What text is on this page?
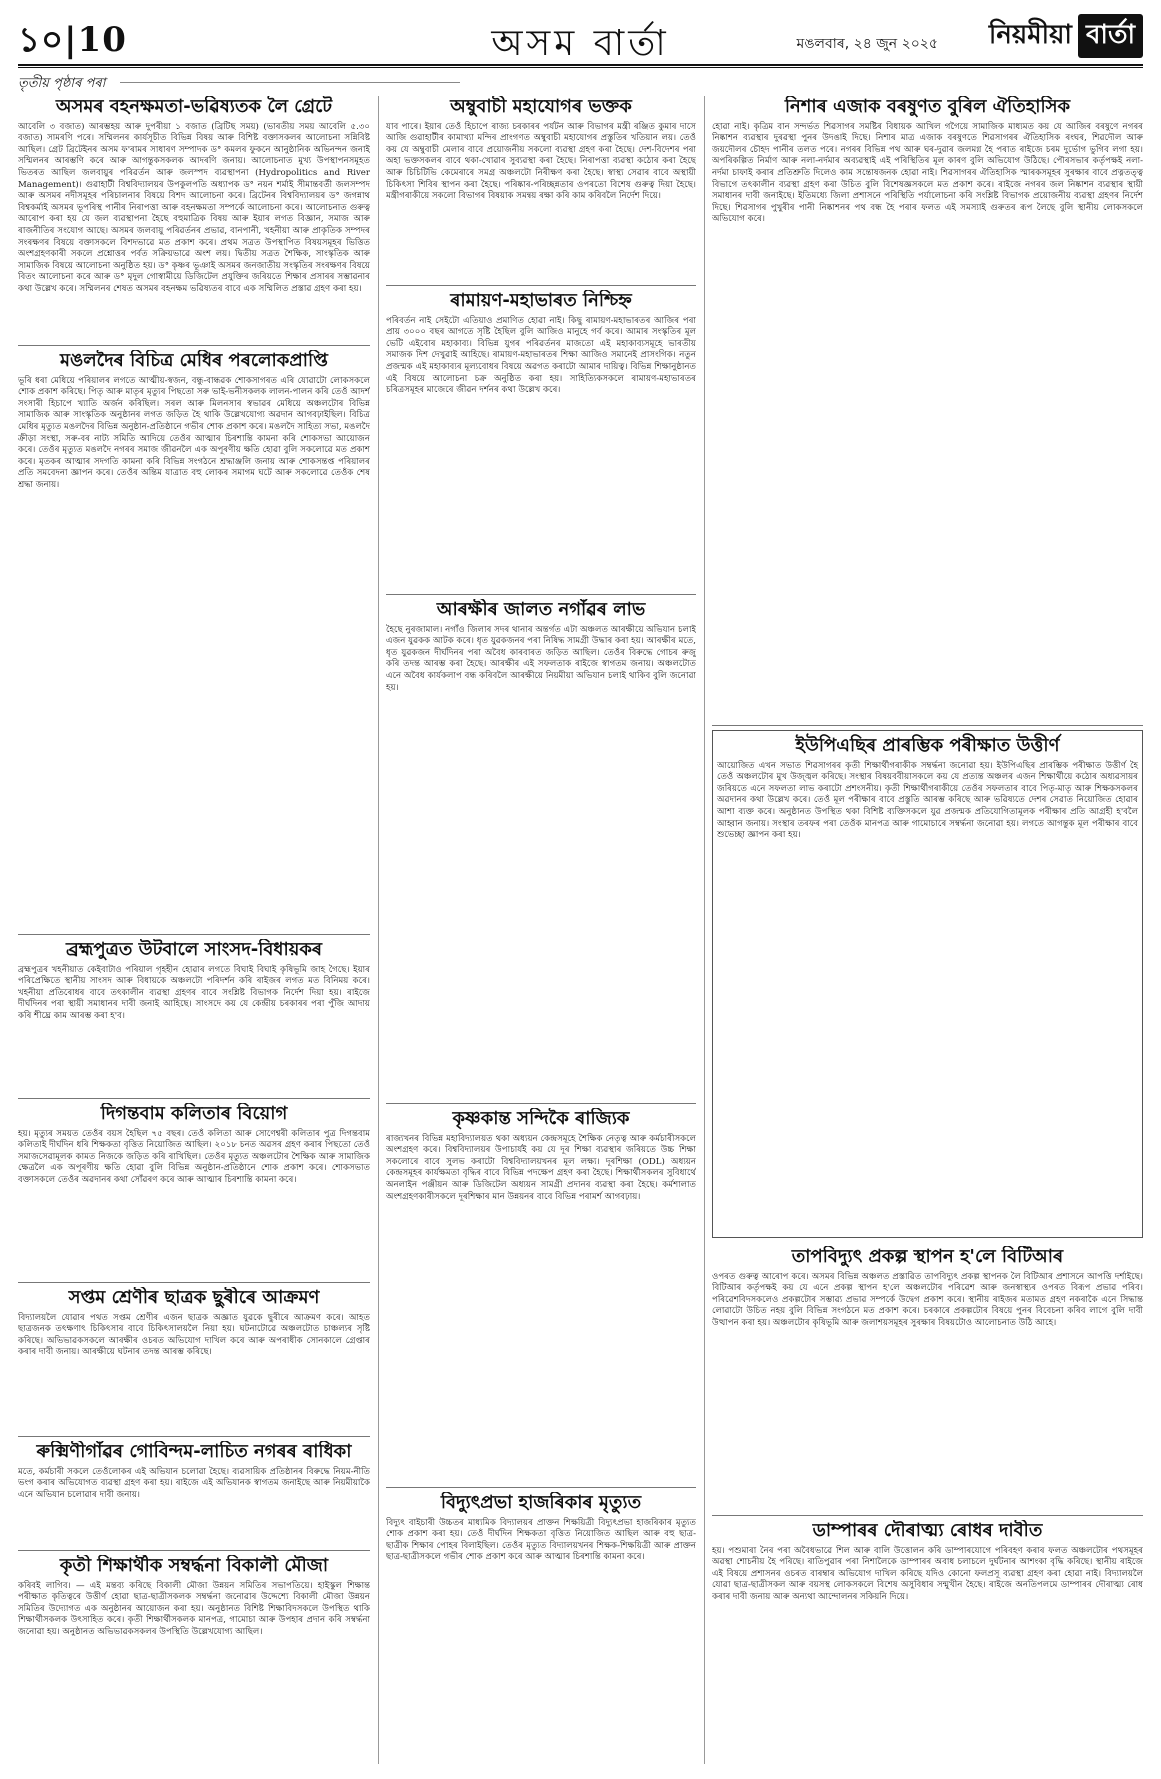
১০|10	অসম বাৰ্তা	মঙলবাৰ, ২৪ জুন ২০২৫ নিয়মীয়া বাৰ্তা
তৃতীয় পৃষ্ঠাৰ পৰা
অসমৰ বহনক্ষমতা-ভৱিষ্যতক লৈ গ্ৰেটে

আবেলি ৩ বজাত) আৰম্ভহয় আৰু দুপৰীয়া ১ বজাত (ব্ৰিটিছ সময়) (ভাৰতীয় সময় আবেলি ৫.৩০ বজাত) সামৰণি পৰে। সম্মিলনৰ কাৰ্যসূচীত বিভিন্ন বিষয় আৰু বিশিষ্ট বক্তাসকলৰ আলোচনা সন্নিবিষ্ট আছিল। গ্ৰেট ব্ৰিটেইনৰ অসম ফ'ৰামৰ সাধাৰণ সম্পাদক ড° কমলৰ ফুকনে আনুষ্ঠানিক অভিনন্দন জনাই সম্মিলনৰ আৰম্ভণি কৰে আৰু আগন্তুকসকলক আদৰণি জনায়। আলোচনাত মুখ্য উপস্থাপনসমূহত ভিতৰত আছিল জলবায়ুৰ পৰিৱৰ্তন আৰু জলস্পদ ব্যৱস্থাপনা (Hydropolitics and River Management)। গুৱাহাটী বিশ্ববিদ্যালয়ৰ উপকুলপতি অধ্যাপক ড° নয়ন শৰ্মাই সীমান্তবৰ্তী জলসম্পদ আৰু অসমৰ নদীসমূহৰ পৰিচালনাৰ বিষয়ে বিশদ আলোচনা কৰে। ব্ৰিটেনৰ বিশ্ববিদ্যালয়ৰ ড° জগন্নাথ বিশ্বকৰ্মাই অসমৰ ভূপৰিস্থ পানীৰ নিৰাপত্তা আৰু বহনক্ষমতা সম্পৰ্কে আলোচনা কৰে। আলোচনাত গুৰুত্ব আৰোপ কৰা হয় যে জল ব্যৱস্থাপনা হৈছে বহুমাত্ৰিক বিষয় আৰু ইয়াৰ লগত বিজ্ঞান, সমাজ আৰু ৰাজনীতিৰ সংযোগ আছে। অসমৰ জলবায়ু পৰিৱৰ্তনৰ প্ৰভাৱ, বানপানী, খহনীয়া আৰু প্ৰাকৃতিক সম্পদৰ সংৰক্ষণৰ বিষয়ে বক্তাসকলে বিশদভাৱে মত প্ৰকাশ কৰে। প্ৰথম সত্ৰত উপস্থাপিত বিষয়সমূহৰ ভিত্তিত অংশগ্ৰহণকাৰী সকলে প্ৰশ্নোত্তৰ পৰ্বত সক্ৰিয়ভাৱে অংশ লয়। দ্বিতীয় সত্ৰত শৈক্ষিক, সাংস্কৃতিক আৰু সামাজিক বিষয়ে আলোচনা অনুষ্ঠিত হয়। ড° কৃষ্ণৰ ভূঞাই অসমৰ জনজাতীয় সংস্কৃতিৰ সংৰক্ষণৰ বিষয়ে বিতং আলোচনা কৰে আৰু ড° মৃদুল গোস্বামীয়ে ডিজিটেল প্ৰযুক্তিৰ জৰিয়তে শিক্ষাৰ প্ৰসাৰৰ সম্ভাৱনাৰ কথা উল্লেখ কৰে। সম্মিলনৰ শেষত অসমৰ বহনক্ষম ভৱিষ্যতৰ বাবে এক সম্মিলিত প্ৰস্তাৱ গ্ৰহণ কৰা হয়।

মঙলদৈৰ বিচিত্ৰ মেধিৰ পৰলোকপ্ৰাপ্তি

ভূৰি ধৰা মেধিয়ে পৰিয়ালৰ লগতে আত্মীয়-স্বজন, বন্ধু-বান্ধৱক শোকসাগৰত এৰি যোৱাটো লোকসকলে শোক প্ৰকাশ কৰিছে। পিতৃ আৰু মাতৃৰ মৃত্যুৰ পিছতো সৰু ভাই-ভনীসকলক লালন-পালন কৰি তেওঁ আদৰ্শ সংসাৰী হিচাপে খ্যাতি অৰ্জন কৰিছিল। সৰল আৰু মিলনসাৰ স্বভাৱৰ মেধিয়ে অঞ্চলটোৰ বিভিন্ন সামাজিক আৰু সাংস্কৃতিক অনুষ্ঠানৰ লগত জড়িত হৈ থাকি উল্লেখযোগ্য অৱদান আগবঢ়াইছিল। বিচিত্ৰ মেধিৰ মৃত্যুত মঙলদৈৰ বিভিন্ন অনুষ্ঠান-প্ৰতিষ্ঠানে গভীৰ শোক প্ৰকাশ কৰে। মঙলদৈ সাহিত্য সভা, মঙলদৈ ক্ৰীড়া সংস্থা, সৰু-বৰ নাট্য সমিতি আদিয়ে তেওঁৰ আত্মাৰ চিৰশান্তি কামনা কৰি শোকসভা আয়োজন কৰে। তেওঁৰ মৃত্যুত মঙলদৈ নগৰৰ সমাজ জীৱনলৈ এক অপূৰণীয় ক্ষতি হোৱা বুলি সকলোৱে মত প্ৰকাশ কৰে। মৃতকৰ আত্মাৰ সদগতি কামনা কৰি বিভিন্ন সংগঠনে শ্ৰদ্ধাঞ্জলি জনায় আৰু শোকসন্তপ্ত পৰিয়ালৰ প্ৰতি সমবেদনা জ্ঞাপন কৰে। তেওঁৰ অন্তিম যাত্ৰাত বহু লোকৰ সমাগম ঘটে আৰু সকলোৱে তেওঁক শেষ শ্ৰদ্ধা জনায়।

ব্ৰহ্মপুত্ৰত উটবালে সাংসদ-বিধায়কৰ

ব্ৰহ্মপুত্ৰৰ খহনীয়াত কেইবাটাও পৰিয়াল গৃহহীন হোৱাৰ লগতে বিঘাই বিঘাই কৃষিভূমি জাহ গৈছে। ইয়াৰ পৰিপ্ৰেক্ষিতে স্থানীয় সাংসদ আৰু বিধায়কে অঞ্চলটো পৰিদৰ্শন কৰি ৰাইজৰ লগত মত বিনিময় কৰে। খহনীয়া প্ৰতিৰোধৰ বাবে তৎকালীন ব্যৱস্থা গ্ৰহণৰ বাবে সংশ্লিষ্ট বিভাগক নিৰ্দেশ দিয়া হয়। ৰাইজে দীৰ্ঘদিনৰ পৰা স্থায়ী সমাধানৰ দাবী জনাই আহিছে। সাংসদে কয় যে কেন্দ্ৰীয় চৰকাৰৰ পৰা পুঁজি আদায় কৰি শীঘ্ৰে কাম আৰম্ভ কৰা হ'ব।

দিগন্তবাম কলিতাৰ বিয়োগ

হয়। মৃত্যুৰ সময়ত তেওঁৰ বয়স হৈছিল ৭৫ বছৰ। তেওঁ কলিতা আৰু সোণেশ্বৰী কলিতাৰ পুত্ৰ দিগন্তবাম কলিতাই দীৰ্ঘদিন ধৰি শিক্ষকতা বৃত্তিত নিয়োজিত আছিল। ২০১৮ চনত অৱসৰ গ্ৰহণ কৰাৰ পিছতো তেওঁ সমাজসেৱামূলক কামত নিজকে জড়িত কৰি ৰাখিছিল। তেওঁৰ মৃত্যুত অঞ্চলটোৰ শৈক্ষিক আৰু সামাজিক ক্ষেত্ৰলৈ এক অপূৰণীয় ক্ষতি হোৱা বুলি বিভিন্ন অনুষ্ঠান-প্ৰতিষ্ঠানে শোক প্ৰকাশ কৰে। শোকসভাত বক্তাসকলে তেওঁৰ অৱদানৰ কথা সোঁৱৰণ কৰে আৰু আত্মাৰ চিৰশান্তি কামনা কৰে।

সপ্তম শ্ৰেণীৰ ছাত্ৰক ছুৰীৰে আক্ৰমণ

বিদ্যালয়লৈ যোৱাৰ পথত সপ্তম শ্ৰেণীৰ এজন ছাত্ৰক অজ্ঞাত যুৱকে ছুৰীৰে আক্ৰমণ কৰে। আহত ছাত্ৰজনক তৎক্ষণাৎ চিকিৎসাৰ বাবে চিকিৎসালয়লৈ নিয়া হয়। ঘটনাটোৱে অঞ্চলটোত চাঞ্চল্যৰ সৃষ্টি কৰিছে। অভিভাৱকসকলে আৰক্ষীৰ ওচৰত অভিযোগ দাখিল কৰে আৰু অপৰাধীক সোনকালে গ্ৰেপ্তাৰ কৰাৰ দাবী জনায়। আৰক্ষীয়ে ঘটনাৰ তদন্ত আৰম্ভ কৰিছে।

ৰুক্মিণীগাঁৱৰ গোবিন্দম-লাচিত নগৰৰ ৰাধিকা

মতে, কৰ্মচাৰী সকলে তেওঁলোকৰ এই অভিযান চলোৱা হৈছে। ব্যৱসায়িক প্ৰতিষ্ঠানৰ বিৰুদ্ধে নিয়ম-নীতি ভংগ কৰাৰ অভিযোগত ব্যৱস্থা গ্ৰহণ কৰা হয়। ৰাইজে এই অভিযানক স্বাগতম জনাইছে আৰু নিয়মীয়াকৈ এনে অভিযান চলোৱাৰ দাবী জনায়।

কৃতী শিক্ষাৰ্থীক সম্বৰ্দ্ধনা বিকালী মৌজা

কৰিবই লাগিব। — এই মন্তব্য কৰিছে বিকালী মৌজা উন্নয়ন সমিতিৰ সভাপতিয়ে। হাইস্কুল শিক্ষান্ত পৰীক্ষাত কৃতিত্বৰে উত্তীৰ্ণ হোৱা ছাত্ৰ-ছাত্ৰীসকলক সম্বৰ্দ্ধনা জনোৱাৰ উদ্দেশ্যে বিকালী মৌজা উন্নয়ন সমিতিৰ উদ্যোগত এক অনুষ্ঠানৰ আয়োজন কৰা হয়। অনুষ্ঠানত বিশিষ্ট শিক্ষাবিদসকলে উপস্থিত থাকি শিক্ষাৰ্থীসকলক উৎসাহিত কৰে। কৃতী শিক্ষাৰ্থীসকলক মানপত্ৰ, গামোচা আৰু উপহাৰ প্ৰদান কৰি সম্বৰ্দ্ধনা জনোৱা হয়। অনুষ্ঠানত অভিভাৱকসকলৰ উপস্থিতি উল্লেখযোগ্য আছিল।

অম্বুবাচী মহাযোগৰ ভক্তক

যাব পাৰে। ইয়াৰ তেওঁ হিচাপে ৰাজ্য চৰকাৰৰ পৰ্যটন আৰু বিভাগৰ মন্ত্ৰী ৰঞ্জিত কুমাৰ দাসে আজি গুৱাহাটীৰ কামাখ্যা মন্দিৰ প্ৰাংগণত অম্বুবাচী মহাযোগৰ প্ৰস্তুতিৰ খতিয়ান লয়। তেওঁ কয় যে অম্বুবাচী মেলাৰ বাবে প্ৰয়োজনীয় সকলো ব্যৱস্থা গ্ৰহণ কৰা হৈছে। দেশ-বিদেশৰ পৰা অহা ভক্তসকলৰ বাবে থকা-খোৱাৰ সুব্যৱস্থা কৰা হৈছে। নিৰাপত্তা ব্যৱস্থা কঠোৰ কৰা হৈছে আৰু চিচিটিভি কেমেৰাৰে সমগ্ৰ অঞ্চলটো নিৰীক্ষণ কৰা হৈছে। স্বাস্থ্য সেৱাৰ বাবে অস্থায়ী চিকিৎসা শিবিৰ স্থাপন কৰা হৈছে। পৰিষ্কাৰ-পৰিচ্ছন্নতাৰ ওপৰতো বিশেষ গুৰুত্ব দিয়া হৈছে। মন্ত্ৰীগৰাকীয়ে সকলো বিভাগৰ বিষয়াক সমন্বয় ৰক্ষা কৰি কাম কৰিবলৈ নিৰ্দেশ দিয়ে।

ৰামায়ণ-মহাভাৰত নিশ্চিহ্ন

পৰিবৰ্তন নাই সেইটো এতিয়াও প্ৰমাণিত হোৱা নাই। কিছু ৰামায়ণ-মহাভাৰতৰ আজিৰ পৰা প্ৰায় ৩০০০ বছৰ আগতে সৃষ্টি হৈছিল বুলি আজিও মানুহে গৰ্ব কৰে। আমাৰ সংস্কৃতিৰ মূল ভেটি এইবোৰ মহাকাব্য। বিভিন্ন যুগৰ পৰিৱৰ্তনৰ মাজতো এই মহাকাব্যসমূহে ভাৰতীয় সমাজক দিশ দেখুৱাই আহিছে। ৰামায়ণ-মহাভাৰতৰ শিক্ষা আজিও সমানেই প্ৰাসংগিক। নতুন প্ৰজন্মক এই মহাকাব্যৰ মূল্যবোধৰ বিষয়ে অৱগত কৰাটো আমাৰ দায়িত্ব। বিভিন্ন শিক্ষানুষ্ঠানত এই বিষয়ে আলোচনা চক্ৰ অনুষ্ঠিত কৰা হয়। সাহিত্যিকসকলে ৰামায়ণ-মহাভাৰতৰ চৰিত্ৰসমূহৰ মাজেৰে জীৱন দৰ্শনৰ কথা উল্লেখ কৰে।

আৰক্ষীৰ জালত নগাঁৱৰ লাভ

হৈছে নুৰজামাল। নগাঁও জিলাৰ সদৰ থানাৰ অন্তৰ্গত এটা অঞ্চলত আৰক্ষীয়ে অভিযান চলাই এজন যুৱকক আটক কৰে। ধৃত যুৱকজনৰ পৰা নিষিদ্ধ সামগ্ৰী উদ্ধাৰ কৰা হয়। আৰক্ষীৰ মতে, ধৃত যুৱকজন দীৰ্ঘদিনৰ পৰা অবৈধ কাৰবাৰত জড়িত আছিল। তেওঁৰ বিৰুদ্ধে গোচৰ ৰুজু কৰি তদন্ত আৰম্ভ কৰা হৈছে। আৰক্ষীৰ এই সফলতাক ৰাইজে স্বাগতম জনায়। অঞ্চলটোত এনে অবৈধ কাৰ্যকলাপ বন্ধ কৰিবলৈ আৰক্ষীয়ে নিয়মীয়া অভিযান চলাই থাকিব বুলি জনোৱা হয়।

কৃষ্ণকান্ত সন্দিকৈ ৰাজ্যিক

ৰাজ্যখনৰ বিভিন্ন মহাবিদ্যালয়ত থকা অধ্যয়ন কেন্দ্ৰসমূহে শৈক্ষিক নেতৃত্ব আৰু কৰ্মচাৰীসকলে অংশগ্ৰহণ কৰে। বিশ্ববিদ্যালয়ৰ উপাচাৰ্যই কয় যে দূৰ শিক্ষা ব্যৱস্থাৰ জৰিয়তে উচ্চ শিক্ষা সকলোৰে বাবে সুলভ কৰাটো বিশ্ববিদ্যালয়খনৰ মূল লক্ষ্য। দূৰশিক্ষা (ODL) অধ্যয়ন কেন্দ্ৰসমূহৰ কাৰ্যক্ষমতা বৃদ্ধিৰ বাবে বিভিন্ন পদক্ষেপ গ্ৰহণ কৰা হৈছে। শিক্ষাৰ্থীসকলৰ সুবিধাৰ্থে অনলাইন পঞ্জীয়ন আৰু ডিজিটেল অধ্যয়ন সামগ্ৰী প্ৰদানৰ ব্যৱস্থা কৰা হৈছে। কৰ্মশালাত অংশগ্ৰহণকাৰীসকলে দূৰশিক্ষাৰ মান উন্নয়নৰ বাবে বিভিন্ন পৰামৰ্শ আগবঢ়ায়।

বিদ্যুৎপ্ৰভা হাজৰিকাৰ মৃত্যুত

বিদ্যুৎ বাইচাৰী উচ্চতৰ মাধ্যমিক বিদ্যালয়ৰ প্ৰাক্তন শিক্ষয়িত্ৰী বিদ্যুৎপ্ৰভা হাজৰিকাৰ মৃত্যুত শোক প্ৰকাশ কৰা হয়। তেওঁ দীৰ্ঘদিন শিক্ষকতা বৃত্তিত নিয়োজিত আছিল আৰু বহু ছাত্ৰ-ছাত্ৰীক শিক্ষাৰ পোহৰ বিলাইছিল। তেওঁৰ মৃত্যুত বিদ্যালয়খনৰ শিক্ষক-শিক্ষয়িত্ৰী আৰু প্ৰাক্তন ছাত্ৰ-ছাত্ৰীসকলে গভীৰ শোক প্ৰকাশ কৰে আৰু আত্মাৰ চিৰশান্তি কামনা কৰে।

নিশাৰ এজাক বৰষুণত বুৰিল ঐতিহাসিক

হোৱা নাই। কৃত্ৰিম বান সন্দৰ্ভত শিৱসাগৰ সমষ্টিৰ বিধায়ক আখিল গগৈয়ে সামাজিক মাধ্যমত কয় যে আজিৰ বৰষুণে নগৰৰ নিষ্কাশন ব্যৱস্থাৰ দুৰৱস্থা পুনৰ উদঙাই দিছে। নিশাৰ মাত্ৰ এজাক বৰষুণতে শিৱসাগৰৰ ঐতিহাসিক ৰংঘৰ, শিৱদৌল আৰু জয়দৌলৰ চৌহদ পানীৰ তলত পৰে। নগৰৰ বিভিন্ন পথ আৰু ঘৰ-দুৱাৰ জলমগ্ন হৈ পৰাত ৰাইজে চৰম দুৰ্ভোগ ভুগিব লগা হয়। অপৰিকল্পিত নিৰ্মাণ আৰু নলা-নৰ্দমাৰ অব্যৱস্থাই এই পৰিস্থিতিৰ মূল কাৰণ বুলি অভিযোগ উঠিছে। পৌৰসভাৰ কৰ্তৃপক্ষই নলা-নৰ্দমা চাফাই কৰাৰ প্ৰতিশ্ৰুতি দিলেও কাম সন্তোষজনক হোৱা নাই। শিৱসাগৰৰ ঐতিহাসিক স্মাৰকসমূহৰ সুৰক্ষাৰ বাবে প্ৰত্নতত্ত্ব বিভাগে তৎকালীন ব্যৱস্থা গ্ৰহণ কৰা উচিত বুলি বিশেষজ্ঞসকলে মত প্ৰকাশ কৰে। ৰাইজে নগৰৰ জল নিষ্কাশন ব্যৱস্থাৰ স্থায়ী সমাধানৰ দাবী জনাইছে। ইতিমধ্যে জিলা প্ৰশাসনে পৰিস্থিতি পৰ্যালোচনা কৰি সংশ্লিষ্ট বিভাগক প্ৰয়োজনীয় ব্যৱস্থা গ্ৰহণৰ নিৰ্দেশ দিছে। শিৱসাগৰ পুখুৰীৰ পানী নিষ্কাশনৰ পথ বন্ধ হৈ পৰাৰ ফলত এই সমস্যাই গুৰুতৰ ৰূপ লৈছে বুলি স্থানীয় লোকসকলে অভিযোগ কৰে।

ইউপিএছিৰ প্ৰাৰম্ভিক পৰীক্ষাত উত্তীৰ্ণ

আয়োজিত এখন সভাত শিৱসাগৰৰ কৃতী শিক্ষাৰ্থীগৰাকীক সম্বৰ্দ্ধনা জনোৱা হয়। ইউপিএছিৰ প্ৰাৰম্ভিক পৰীক্ষাত উত্তীৰ্ণ হৈ তেওঁ অঞ্চলটোৰ মুখ উজ্জ্বল কৰিছে। সংস্থাৰ বিষয়ববীয়াসকলে কয় যে প্ৰত্যন্ত অঞ্চলৰ এজন শিক্ষাৰ্থীয়ে কঠোৰ অধ্যৱসায়ৰ জৰিয়তে এনে সফলতা লাভ কৰাটো প্ৰশংসনীয়। কৃতী শিক্ষাৰ্থীগৰাকীয়ে তেওঁৰ সফলতাৰ বাবে পিতৃ-মাতৃ আৰু শিক্ষকসকলৰ অৱদানৰ কথা উল্লেখ কৰে। তেওঁ মূল পৰীক্ষাৰ বাবে প্ৰস্তুতি আৰম্ভ কৰিছে আৰু ভৱিষ্যতে দেশৰ সেৱাত নিয়োজিত হোৱাৰ আশা ব্যক্ত কৰে। অনুষ্ঠানত উপস্থিত থকা বিশিষ্ট ব্যক্তিসকলে যুৱ প্ৰজন্মক প্ৰতিযোগিতামূলক পৰীক্ষাৰ প্ৰতি আগ্ৰহী হ'বলৈ আহ্বান জনায়। সংস্থাৰ তৰফৰ পৰা তেওঁক মানপত্ৰ আৰু গামোচাৰে সম্বৰ্দ্ধনা জনোৱা হয়। লগতে আগন্তুক মূল পৰীক্ষাৰ বাবে শুভেচ্ছা জ্ঞাপন কৰা হয়।

তাপবিদ্যুৎ প্ৰকল্প স্থাপন হ'লে বিটিআৰ

ওপৰত গুৰুত্ব আৰোপ কৰে। অসমৰ বিভিন্ন অঞ্চলত প্ৰস্তাৱিত তাপবিদ্যুৎ প্ৰকল্প স্থাপনক লৈ বিটিআৰ প্ৰশাসনে আপত্তি দৰ্শাইছে। বিটিআৰ কৰ্তৃপক্ষই কয় যে এনে প্ৰকল্প স্থাপন হ'লে অঞ্চলটোৰ পৰিৱেশ আৰু জনস্বাস্থ্যৰ ওপৰত বিৰূপ প্ৰভাৱ পৰিব। পৰিৱেশবিদসকলেও প্ৰকল্পটোৰ সম্ভাৱ্য প্ৰভাৱ সম্পৰ্কে উদ্বেগ প্ৰকাশ কৰে। স্থানীয় ৰাইজৰ মতামত গ্ৰহণ নকৰাকৈ এনে সিদ্ধান্ত লোৱাটো উচিত নহয় বুলি বিভিন্ন সংগঠনে মত প্ৰকাশ কৰে। চৰকাৰে প্ৰকল্পটোৰ বিষয়ে পুনৰ বিবেচনা কৰিব লাগে বুলি দাবী উত্থাপন কৰা হয়। অঞ্চলটোৰ কৃষিভূমি আৰু জলাশয়সমূহৰ সুৰক্ষাৰ বিষয়টোও আলোচনাত উঠি আহে।

ডাম্পাৰৰ দৌৰাত্ম্য ৰোধৰ দাবীত

হয়। পশুমাৰা নৈৰ পৰা অবৈধভাৱে শিল আৰু বালি উত্তোলন কৰি ডাম্পাৰযোগে পৰিবহণ কৰাৰ ফলত অঞ্চলটোৰ পথসমূহৰ অৱস্থা শোচনীয় হৈ পৰিছে। ৰাতিপুৱাৰ পৰা নিশালৈকে ডাম্পাৰৰ অবাধ চলাচলে দুৰ্ঘটনাৰ আশংকা বৃদ্ধি কৰিছে। স্থানীয় ৰাইজে এই বিষয়ে প্ৰশাসনৰ ওচৰত বাৰম্বাৰ অভিযোগ দাখিল কৰিছে যদিও কোনো ফলপ্ৰসূ ব্যৱস্থা গ্ৰহণ কৰা হোৱা নাই। বিদ্যালয়লৈ যোৱা ছাত্ৰ-ছাত্ৰীসকল আৰু বয়সস্থ লোকসকলে বিশেষ অসুবিধাৰ সন্মুখীন হৈছে। ৰাইজে অনতিপলমে ডাম্পাৰৰ দৌৰাত্ম্য ৰোধ কৰাৰ দাবী জনায় আৰু অন্যথা আন্দোলনৰ সকিয়নি দিয়ে।
